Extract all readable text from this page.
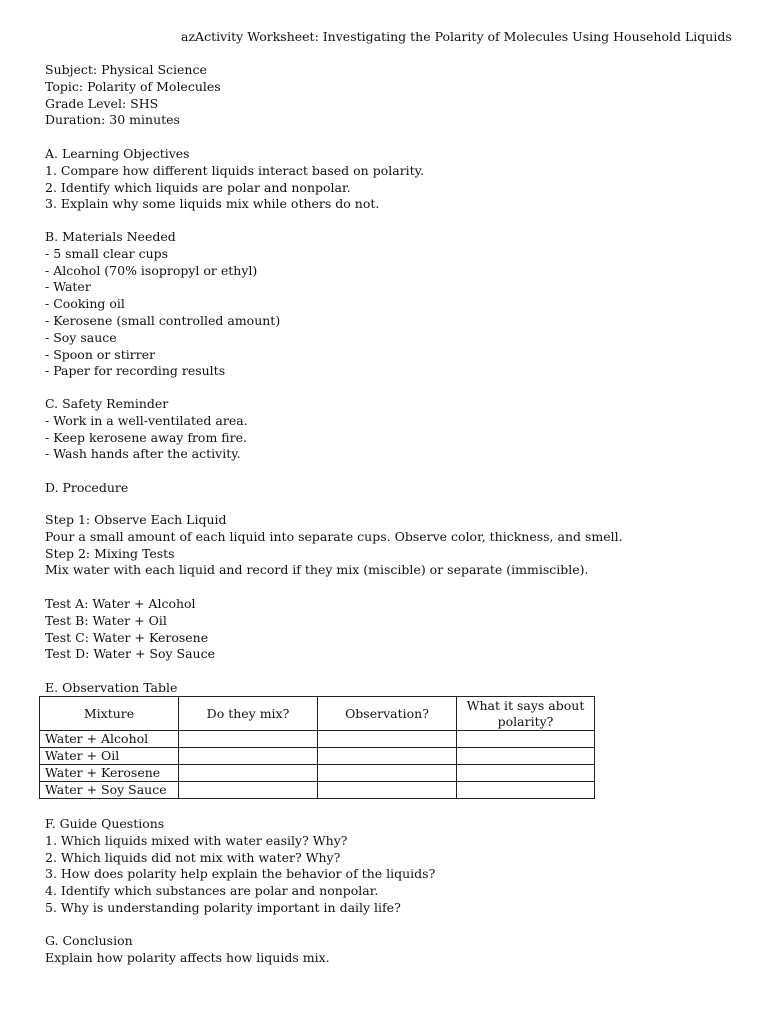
azActivity Worksheet: Investigating the Polarity of Molecules Using Household Liquids
Subject: Physical Science
Topic: Polarity of Molecules
Grade Level: SHS
Duration: 30 minutes
A. Learning Objectives
1. Compare how different liquids interact based on polarity.
2. Identify which liquids are polar and nonpolar.
3. Explain why some liquids mix while others do not.
B. Materials Needed
- 5 small clear cups
- Alcohol (70% isopropyl or ethyl)
- Water
- Cooking oil
- Kerosene (small controlled amount)
- Soy sauce
- Spoon or stirrer
- Paper for recording results
C. Safety Reminder
- Work in a well-ventilated area.
- Keep kerosene away from fire.
- Wash hands after the activity.
D. Procedure
Step 1: Observe Each Liquid
Pour a small amount of each liquid into separate cups. Observe color, thickness, and smell.
Step 2: Mixing Tests
Mix water with each liquid and record if they mix (miscible) or separate (immiscible).
Test A: Water + Alcohol
Test B: Water + Oil
Test C: Water + Kerosene
Test D: Water + Soy Sauce
E. Observation Table
Mixture	Do they mix?	Observation?	What it says about polarity?
Water + Alcohol			
Water + Oil			
Water + Kerosene			
Water + Soy Sauce			
F. Guide Questions
1. Which liquids mixed with water easily? Why?
2. Which liquids did not mix with water? Why?
3. How does polarity help explain the behavior of the liquids?
4. Identify which substances are polar and nonpolar.
5. Why is understanding polarity important in daily life?
G. Conclusion
Explain how polarity affects how liquids mix.
